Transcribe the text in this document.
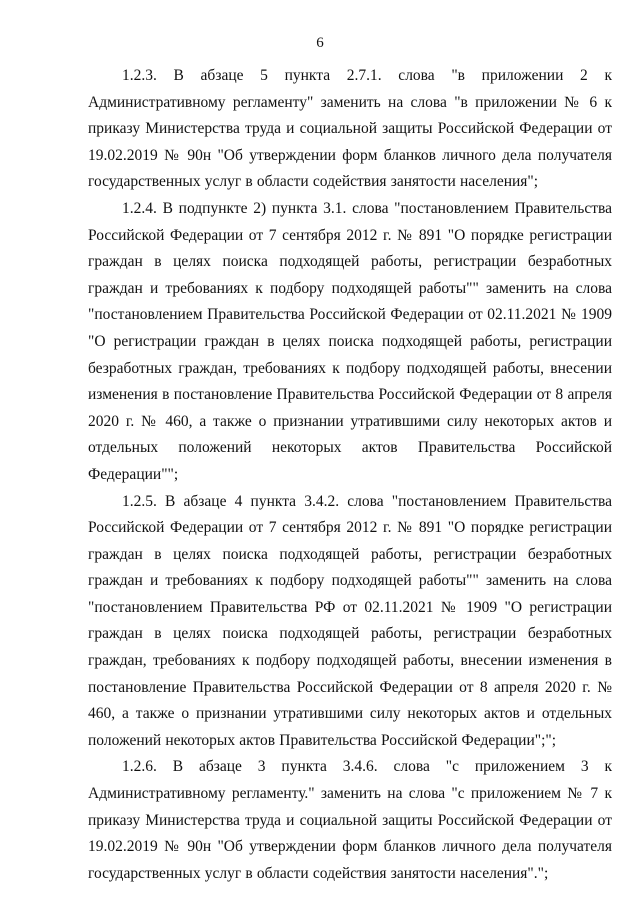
6

1.2.3. В абзаце 5 пункта 2.7.1. слова "в приложении 2 к Административному регламенту" заменить на слова "в приложении № 6 к приказу Министерства труда и социальной защиты Российской Федерации от 19.02.2019 № 90н "Об утверждении форм бланков личного дела получателя государственных услуг в области содействия занятости населения";

1.2.4. В подпункте 2) пункта 3.1. слова "постановлением Правительства Российской Федерации от 7 сентября 2012 г. № 891 "О порядке регистрации граждан в целях поиска подходящей работы, регистрации безработных граждан и требованиях к подбору подходящей работы"" заменить на слова "постановлением Правительства Российской Федерации от 02.11.2021 № 1909 "О регистрации граждан в целях поиска подходящей работы, регистрации безработных граждан, требованиях к подбору подходящей работы, внесении изменения в постановление Правительства Российской Федерации от 8 апреля 2020 г. № 460, а также о признании утратившими силу некоторых актов и отдельных положений некоторых актов Правительства Российской Федерации"";

1.2.5. В абзаце 4 пункта 3.4.2. слова "постановлением Правительства Российской Федерации от 7 сентября 2012 г. № 891 "О порядке регистрации граждан в целях поиска подходящей работы, регистрации безработных граждан и требованиях к подбору подходящей работы"" заменить на слова "постановлением Правительства РФ от 02.11.2021 № 1909 "О регистрации граждан в целях поиска подходящей работы, регистрации безработных граждан, требованиях к подбору подходящей работы, внесении изменения в постановление Правительства Российской Федерации от 8 апреля 2020 г. № 460, а также о признании утратившими силу некоторых актов и отдельных положений некоторых актов Правительства Российской Федерации";";

1.2.6. В абзаце 3 пункта 3.4.6. слова "с приложением 3 к Административному регламенту." заменить на слова "с приложением № 7 к приказу Министерства труда и социальной защиты Российской Федерации от 19.02.2019 № 90н "Об утверждении форм бланков личного дела получателя государственных услуг в области содействия занятости населения".";
